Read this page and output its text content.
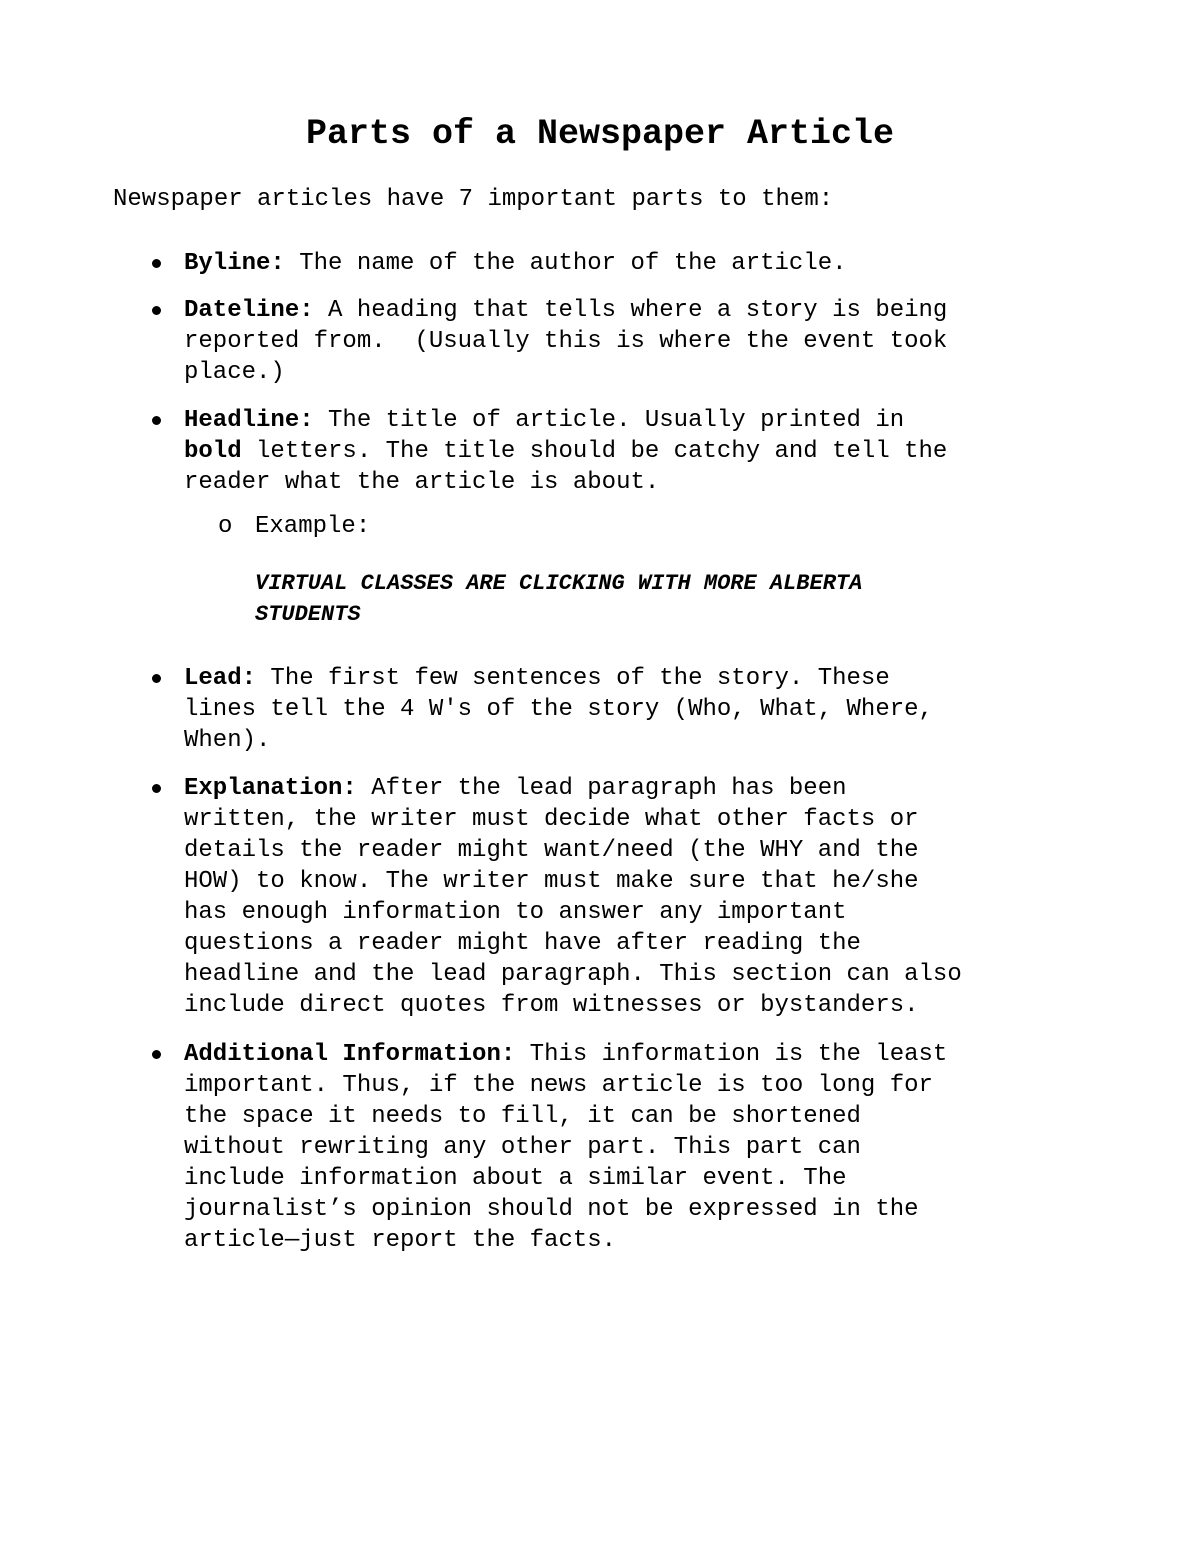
Parts of a Newspaper Article

Newspaper articles have 7 important parts to them:

Byline: The name of the author of the article.
Dateline: A heading that tells where a story is being
reported from.  (Usually this is where the event took
place.)
Headline: The title of article. Usually printed in
bold letters. The title should be catchy and tell the
reader what the article is about.
o Example:
VIRTUAL CLASSES ARE CLICKING WITH MORE ALBERTA
STUDENTS
Lead: The first few sentences of the story. These
lines tell the 4 W's of the story (Who, What, Where,
When).
Explanation: After the lead paragraph has been
written, the writer must decide what other facts or
details the reader might want/need (the WHY and the
HOW) to know. The writer must make sure that he/she
has enough information to answer any important
questions a reader might have after reading the
headline and the lead paragraph. This section can also
include direct quotes from witnesses or bystanders.
Additional Information: This information is the least
important. Thus, if the news article is too long for
the space it needs to fill, it can be shortened
without rewriting any other part. This part can
include information about a similar event. The
journalist’s opinion should not be expressed in the
article—just report the facts.
